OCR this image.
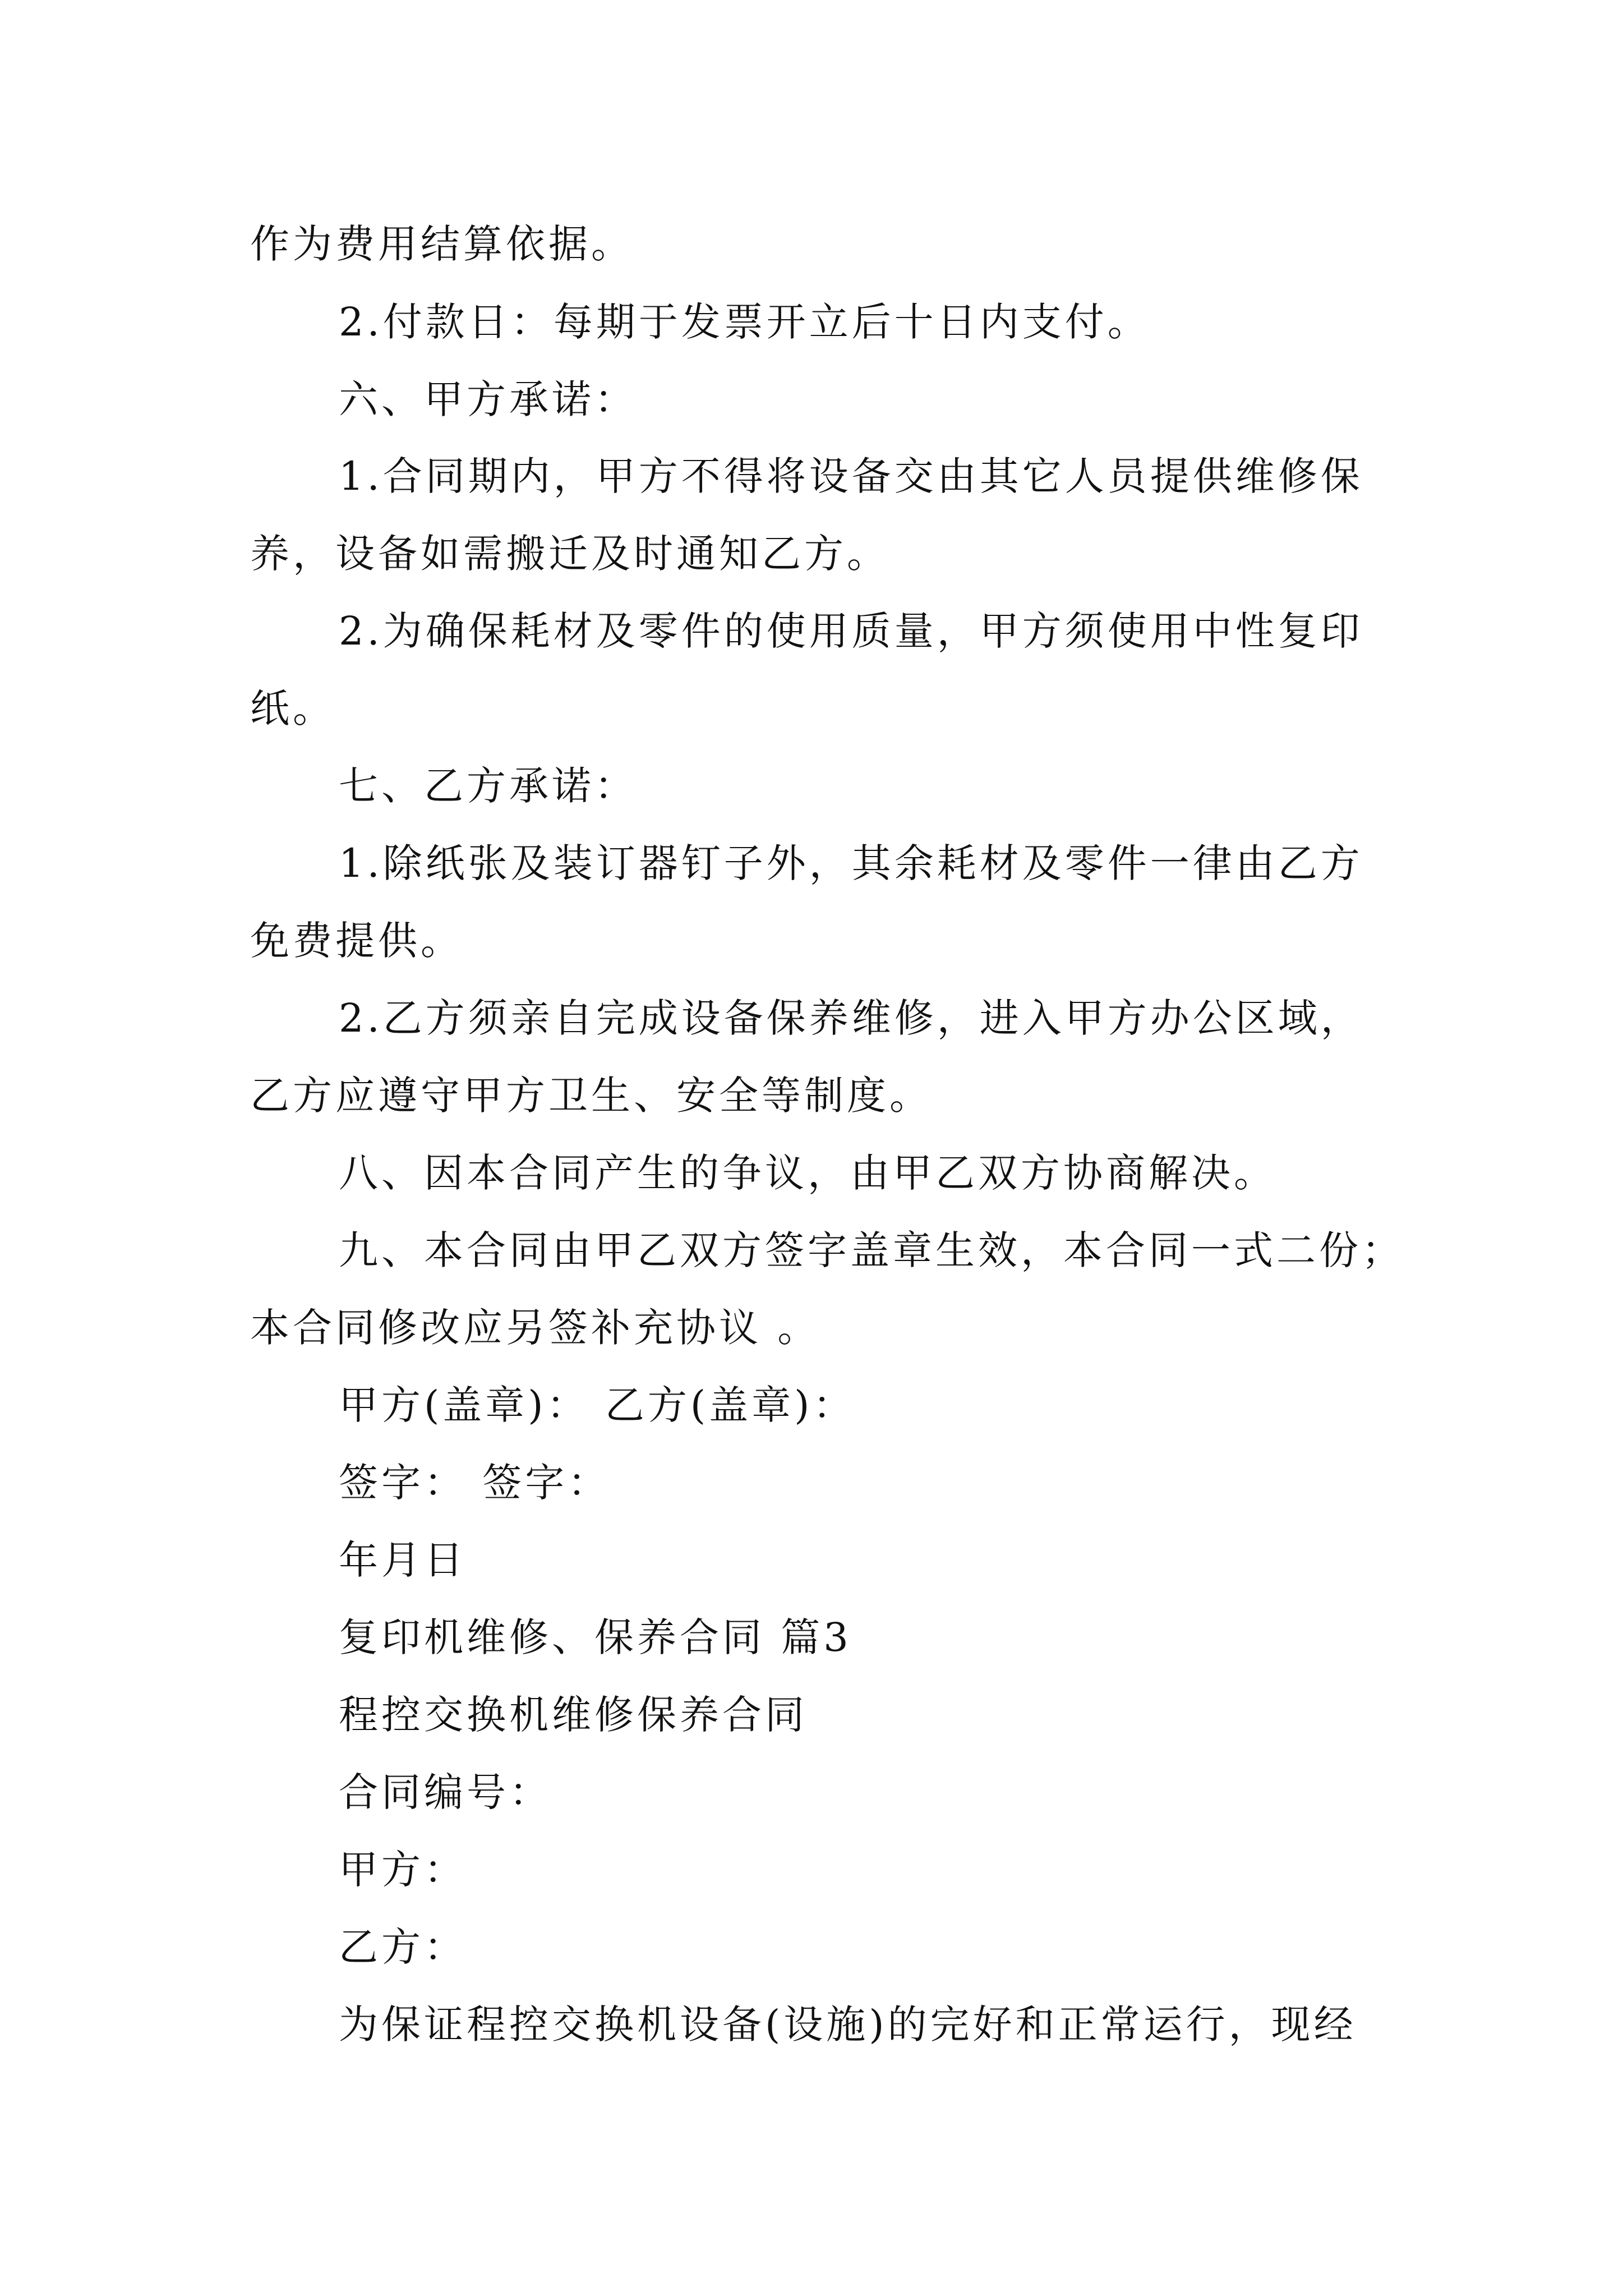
作为费用结算依据。
2.付款日：每期于发票开立后十日内支付。
六、甲方承诺：
1.合同期内，甲方不得将设备交由其它人员提供维修保
养，设备如需搬迁及时通知乙方。
2.为确保耗材及零件的使用质量，甲方须使用中性复印
纸。
七、乙方承诺：
1.除纸张及装订器钉子外，其余耗材及零件一律由乙方
免费提供。
2.乙方须亲自完成设备保养维修，进入甲方办公区域，
乙方应遵守甲方卫生、安全等制度。
八、因本合同产生的争议，由甲乙双方协商解决。
九、本合同由甲乙双方签字盖章生效，本合同一式二份；
本合同修改应另签补充协议 。
甲方(盖章)： 乙方(盖章)：
签字： 签字：
年月日
复印机维修、保养合同 篇3
程控交换机维修保养合同
合同编号：
甲方：
乙方：
为保证程控交换机设备(设施)的完好和正常运行，现经
